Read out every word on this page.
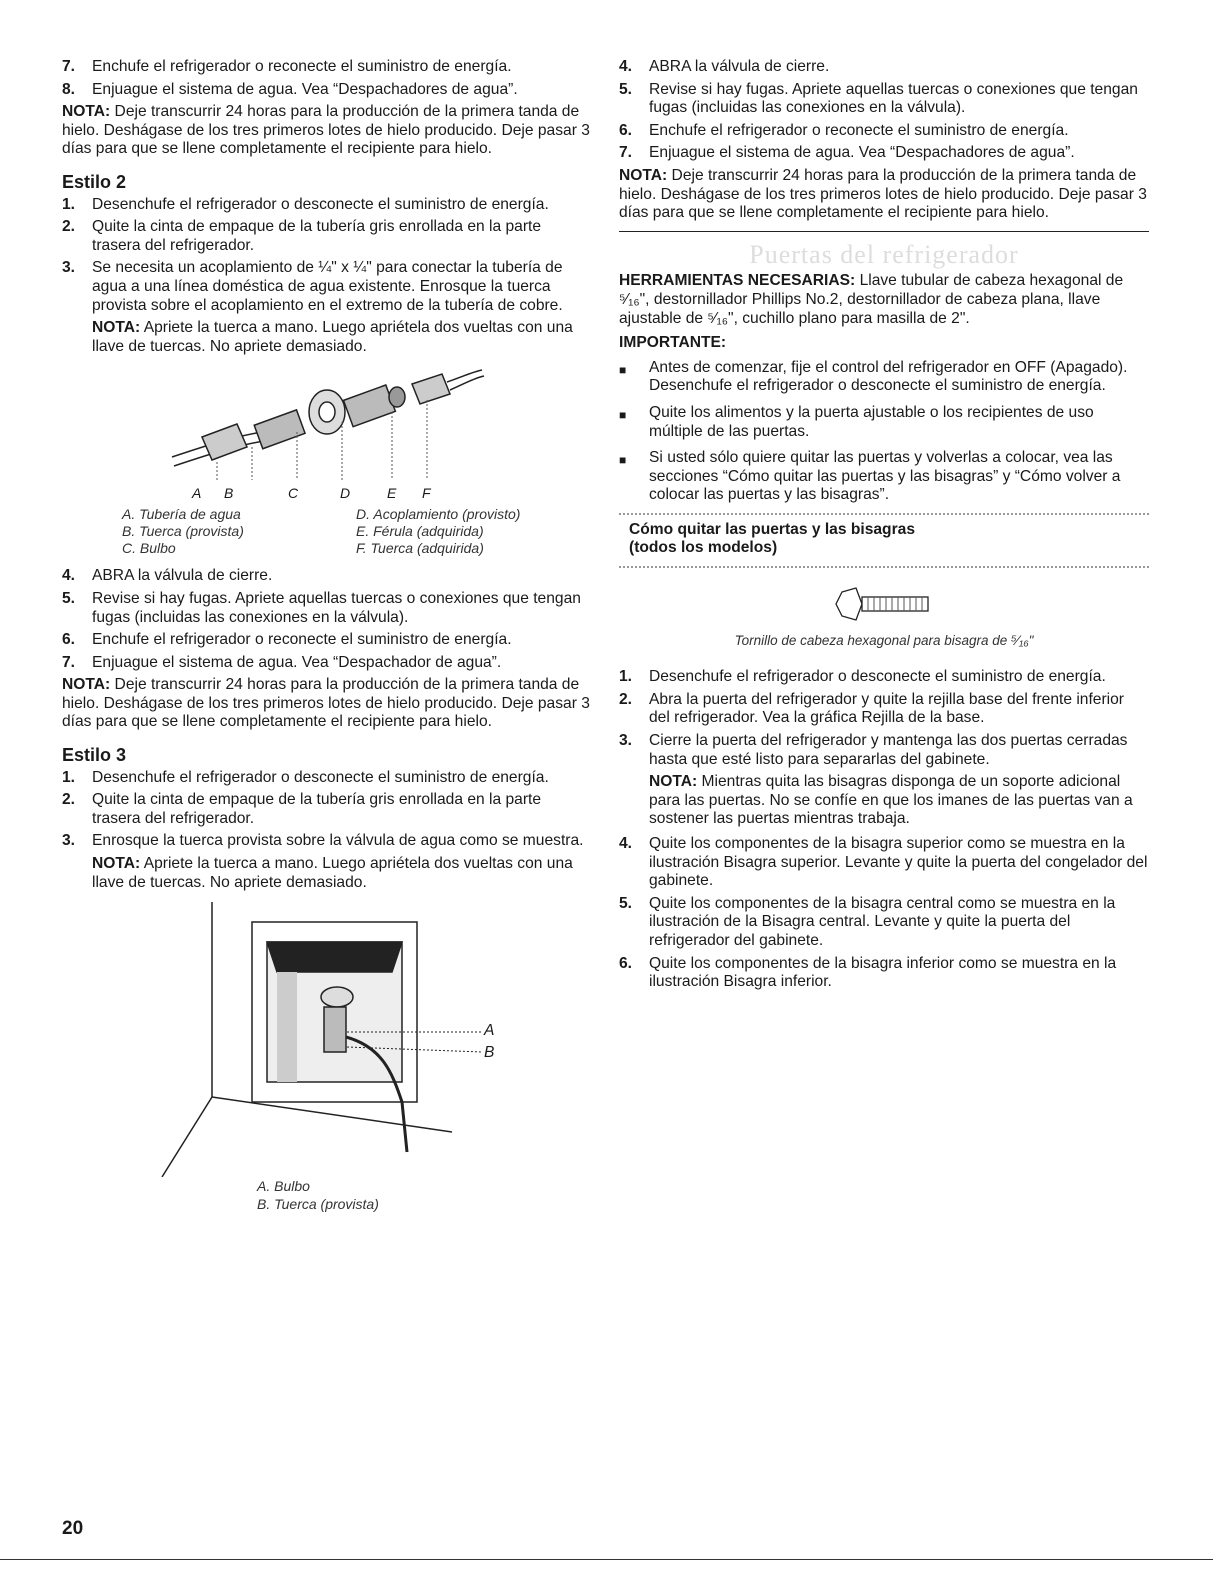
7.	Enchufe el refrigerador o reconecte el suministro de energía.
8.	Enjuague el sistema de agua. Vea “Despachadores de agua”.

NOTA: Deje transcurrir 24 horas para la producción de la primera tanda de hielo. Deshágase de los tres primeros lotes de hielo producido. Deje pasar 3 días para que se llene completamente el recipiente para hielo.

Estilo 2
1.	Desenchufe el refrigerador o desconecte el suministro de energía.
2.	Quite la cinta de empaque de la tubería gris enrollada en la parte trasera del refrigerador.
3.	Se necesita un acoplamiento de ¼" x ¼" para conectar la tubería de agua a una línea doméstica de agua existente. Enrosque la tuerca provista sobre el acoplamiento en el extremo de la tubería de cobre.

NOTA: Apriete la tuerca a mano. Luego apriétela dos vueltas con una llave de tuercas. No apriete demasiado.

A B	C	D	E F
A. Tubería de agua	D. Acoplamiento (provisto)
B. Tuerca (provista)	E. Férula (adquirida)
C. Bulbo	F. Tuerca (adquirida)
4.	ABRA la válvula de cierre.
5.	Revise si hay fugas. Apriete aquellas tuercas o conexiones que tengan fugas (incluidas las conexiones en la válvula).
6.	Enchufe el refrigerador o reconecte el suministro de energía.
7.	Enjuague el sistema de agua. Vea “Despachador de agua”.

NOTA: Deje transcurrir 24 horas para la producción de la primera tanda de hielo. Deshágase de los tres primeros lotes de hielo producido. Deje pasar 3 días para que se llene completamente el recipiente para hielo.

Estilo 3
1.	Desenchufe el refrigerador o desconecte el suministro de energía.
2.	Quite la cinta de empaque de la tubería gris enrollada en la parte trasera del refrigerador.
3.	Enrosque la tuerca provista sobre la válvula de agua como se muestra.

NOTA: Apriete la tuerca a mano. Luego apriétela dos vueltas con una llave de tuercas. No apriete demasiado.

A
B
A. Bulbo
B. Tuerca (provista)
4.	ABRA la válvula de cierre.
5.	Revise si hay fugas. Apriete aquellas tuercas o conexiones que tengan fugas (incluidas las conexiones en la válvula).
6.	Enchufe el refrigerador o reconecte el suministro de energía.
7.	Enjuague el sistema de agua. Vea “Despachadores de agua”.

NOTA: Deje transcurrir 24 horas para la producción de la primera tanda de hielo. Deshágase de los tres primeros lotes de hielo producido. Deje pasar 3 días para que se llene completamente el recipiente para hielo.

Puertas del refrigerador

HERRAMIENTAS NECESARIAS: Llave tubular de cabeza hexagonal de ⁵⁄₁₆", destornillador Phillips No.2, destornillador de cabeza plana, llave ajustable de ⁵⁄₁₆", cuchillo plano para masilla de 2".

IMPORTANTE:
■	Antes de comenzar, fije el control del refrigerador en OFF (Apagado). Desenchufe el refrigerador o desconecte el suministro de energía.
■	Quite los alimentos y la puerta ajustable o los recipientes de uso múltiple de las puertas.
■	Si usted sólo quiere quitar las puertas y volverlas a colocar, vea las secciones “Cómo quitar las puertas y las bisagras” y “Cómo volver a colocar las puertas y las bisagras”.
Cómo quitar las puertas y las bisagras
(todos los modelos)
Tornillo de cabeza hexagonal para bisagra de ⁵⁄₁₆"
1.	Desenchufe el refrigerador o desconecte el suministro de energía.
2.	Abra la puerta del refrigerador y quite la rejilla base del frente inferior del refrigerador. Vea la gráfica Rejilla de la base.
3.	Cierre la puerta del refrigerador y mantenga las dos puertas cerradas hasta que esté listo para separarlas del gabinete.

NOTA: Mientras quita las bisagras disponga de un soporte adicional para las puertas. No se confíe en que los imanes de las puertas van a sostener las puertas mientras trabaja.

4.	Quite los componentes de la bisagra superior como se muestra en la ilustración Bisagra superior. Levante y quite la puerta del congelador del gabinete.
5.	Quite los componentes de la bisagra central como se muestra en la ilustración de la Bisagra central. Levante y quite la puerta del refrigerador del gabinete.
6.	Quite los componentes de la bisagra inferior como se muestra en la ilustración Bisagra inferior.
20
